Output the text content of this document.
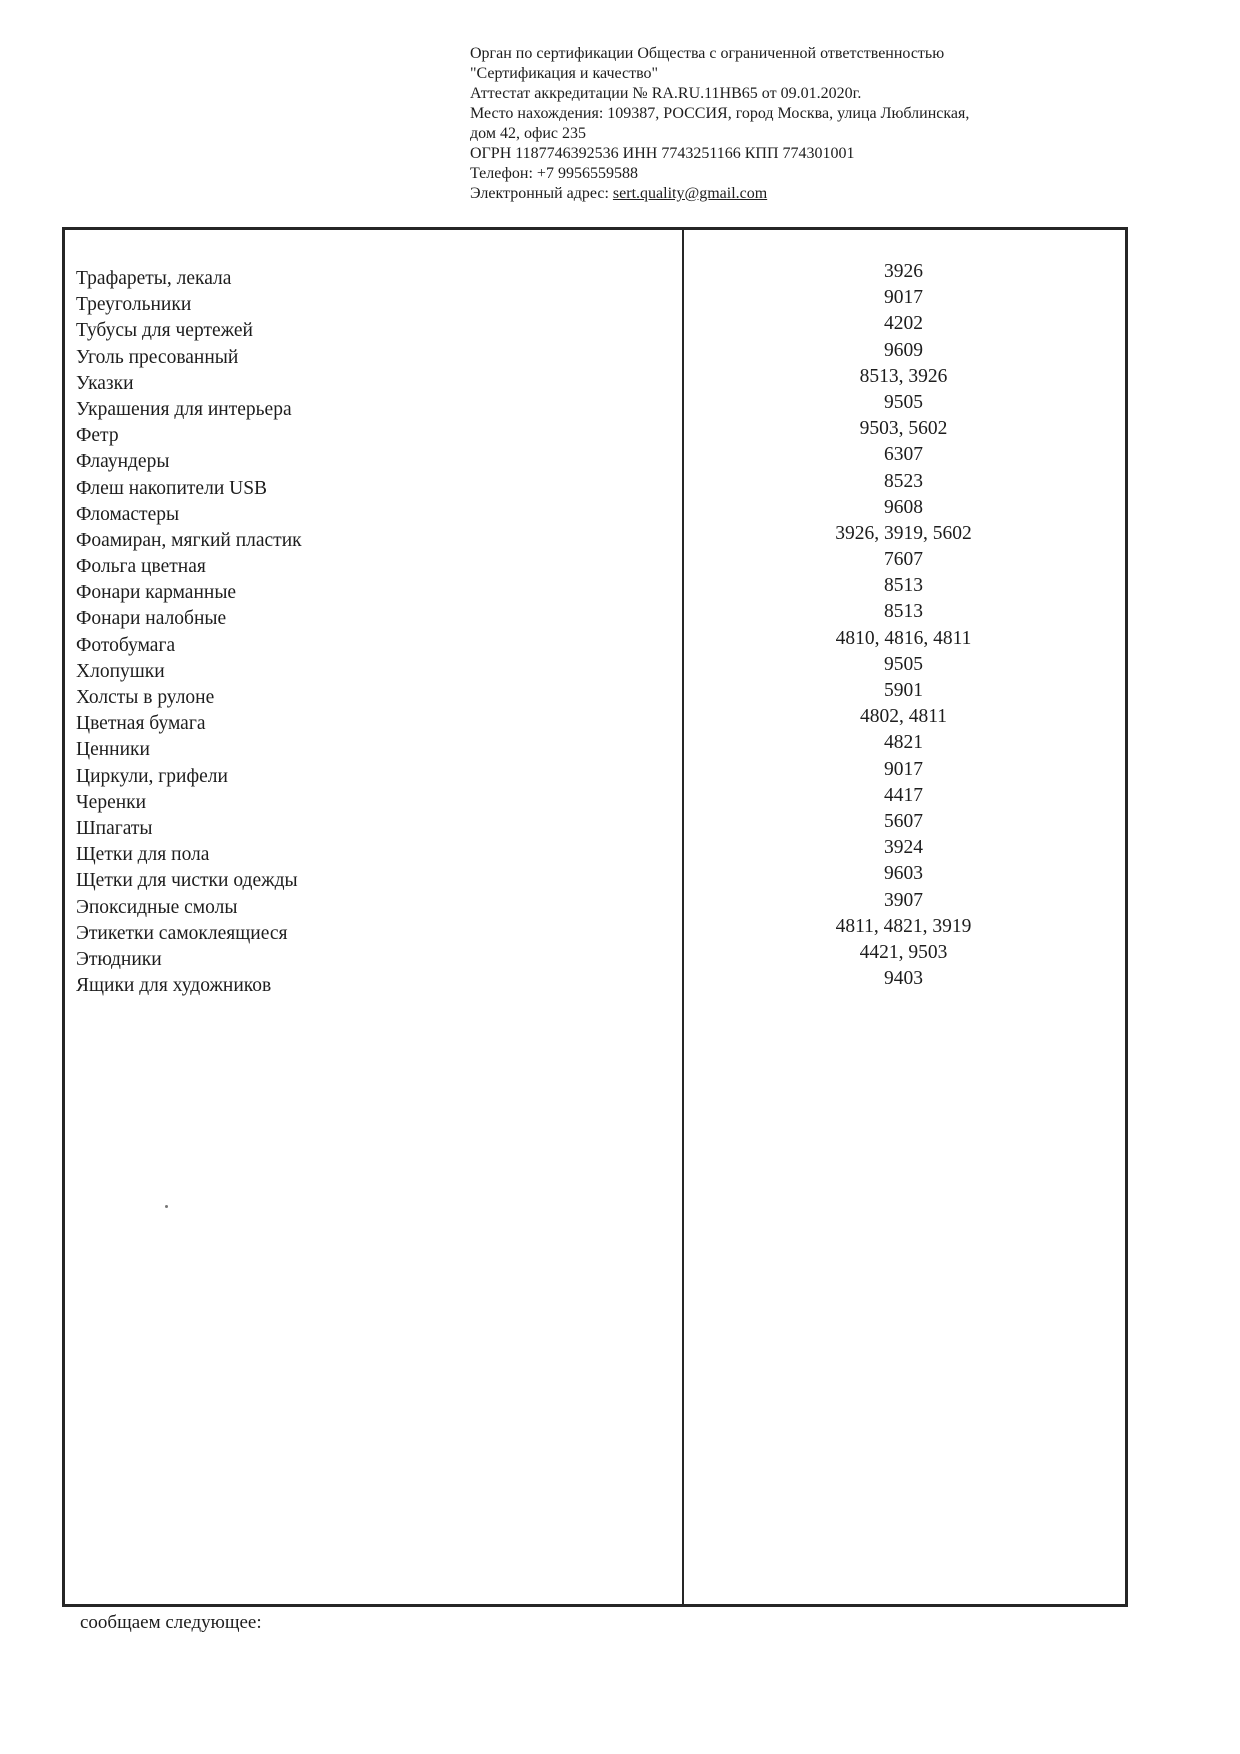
Орган по сертификации Общества с ограниченной ответственностью
"Сертификация и качество"
Аттестат аккредитации № RA.RU.11НВ65 от 09.01.2020г.
Место нахождения: 109387, РОССИЯ, город Москва, улица Люблинская,
дом 42, офис 235
ОГРН 1187746392536 ИНН 7743251166 КПП 774301001
Телефон: +7 9956559588
Электронный адрес: sert.quality@gmail.com
Трафареты, лекала	3926
Треугольники	9017
Тубусы для чертежей	4202
Уголь пресованный	9609
Указки	8513, 3926
Украшения для интерьера	9505
Фетр	9503, 5602
Флаундеры	6307
Флеш накопители USB	8523
Фломастеры	9608
Фоамиран, мягкий пластик	3926, 3919, 5602
Фольга цветная	7607
Фонари карманные	8513
Фонари налобные	8513
Фотобумага	4810, 4816, 4811
Хлопушки	9505
Холсты в рулоне	5901
Цветная бумага	4802, 4811
Ценники	4821
Циркули, грифели	9017
Черенки	4417
Шпагаты	5607
Щетки для пола	3924
Щетки для чистки одежды	9603
Эпоксидные смолы	3907
Этикетки самоклеящиеся	4811, 4821, 3919
Этюдники	4421, 9503
Ящики для художников	9403
сообщаем следующее:
